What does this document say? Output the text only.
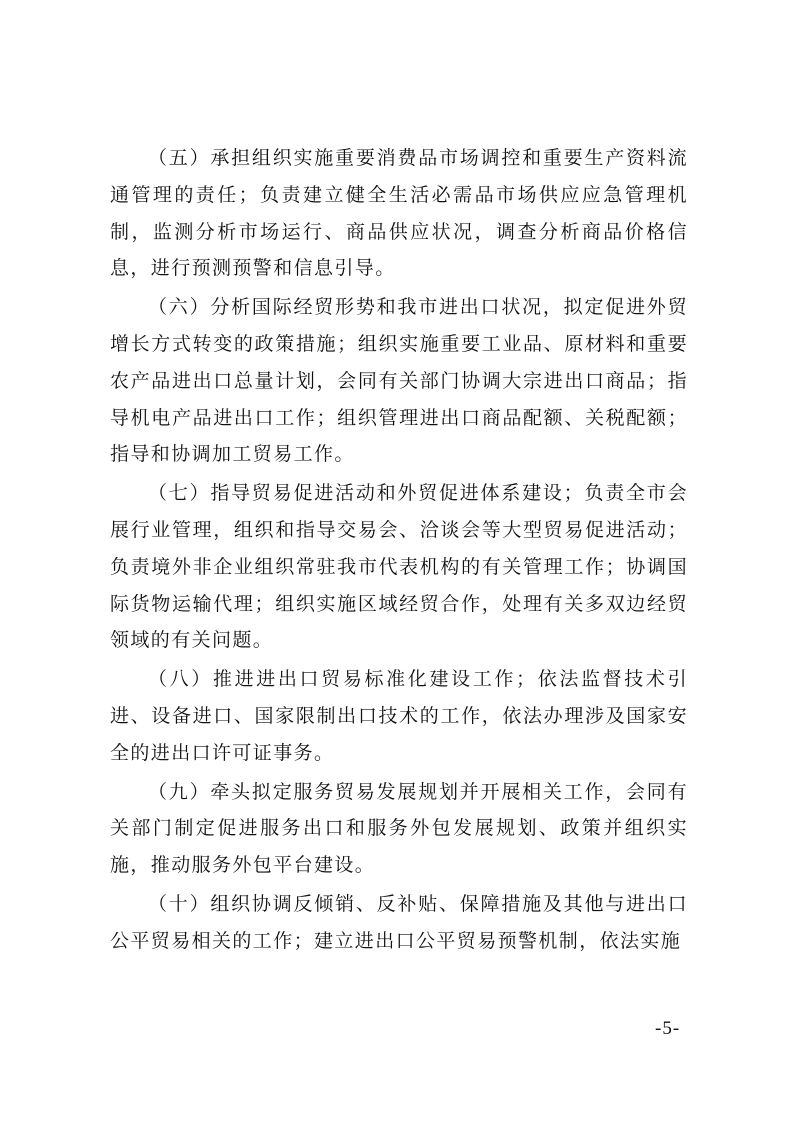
（五）承担组织实施重要消费品市场调控和重要生产资料流通管理的责任；负责建立健全生活必需品市场供应应急管理机制，监测分析市场运行、商品供应状况，调查分析商品价格信息，进行预测预警和信息引导。

（六）分析国际经贸形势和我市进出口状况，拟定促进外贸增长方式转变的政策措施；组织实施重要工业品、原材料和重要农产品进出口总量计划，会同有关部门协调大宗进出口商品；指导机电产品进出口工作；组织管理进出口商品配额、关税配额；指导和协调加工贸易工作。

（七）指导贸易促进活动和外贸促进体系建设；负责全市会展行业管理，组织和指导交易会、洽谈会等大型贸易促进活动；负责境外非企业组织常驻我市代表机构的有关管理工作；协调国际货物运输代理；组织实施区域经贸合作，处理有关多双边经贸领域的有关问题。

（八）推进进出口贸易标准化建设工作；依法监督技术引进、设备进口、国家限制出口技术的工作，依法办理涉及国家安全的进出口许可证事务。

（九）牵头拟定服务贸易发展规划并开展相关工作，会同有关部门制定促进服务出口和服务外包发展规划、政策并组织实施，推动服务外包平台建设。

（十）组织协调反倾销、反补贴、保障措施及其他与进出口公平贸易相关的工作；建立进出口公平贸易预警机制，依法实施

-5-
